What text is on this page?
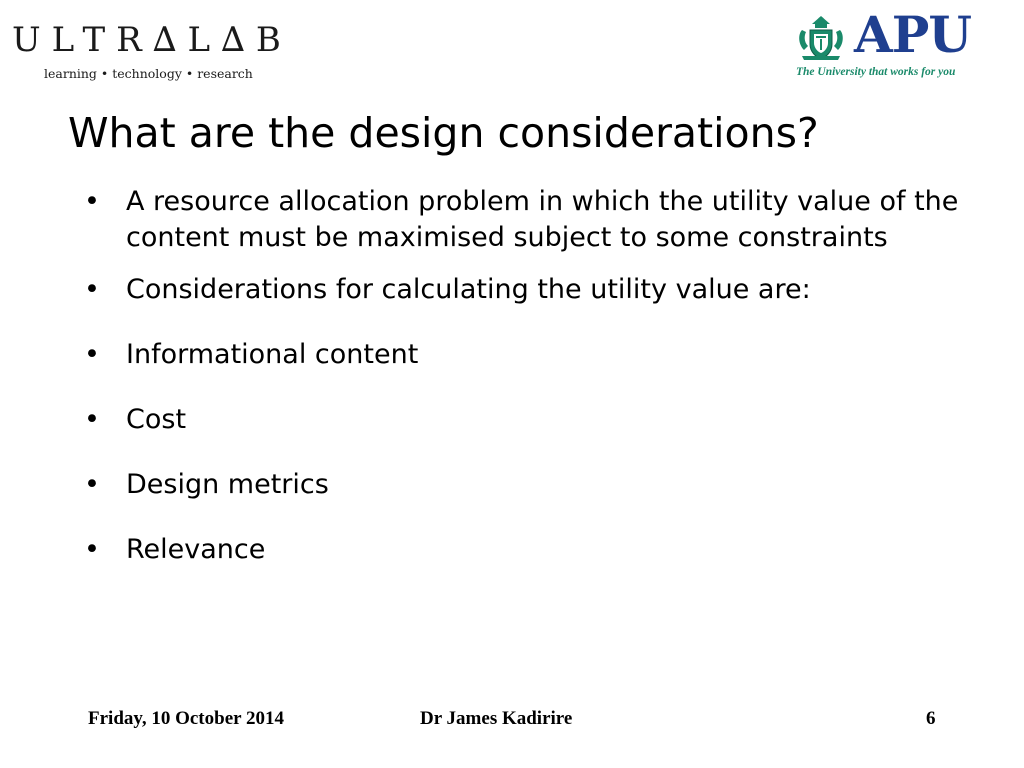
ULTR∆L∆B
learning • technology • research
APU
The University that works for you
What are the design considerations?
• A resource allocation problem in which the utility value of the content must be maximised subject to some constraints
• Considerations for calculating the utility value are:
• Informational content
• Cost
• Design metrics
• Relevance
Friday, 10 October 2014	Dr James Kadirire	6
